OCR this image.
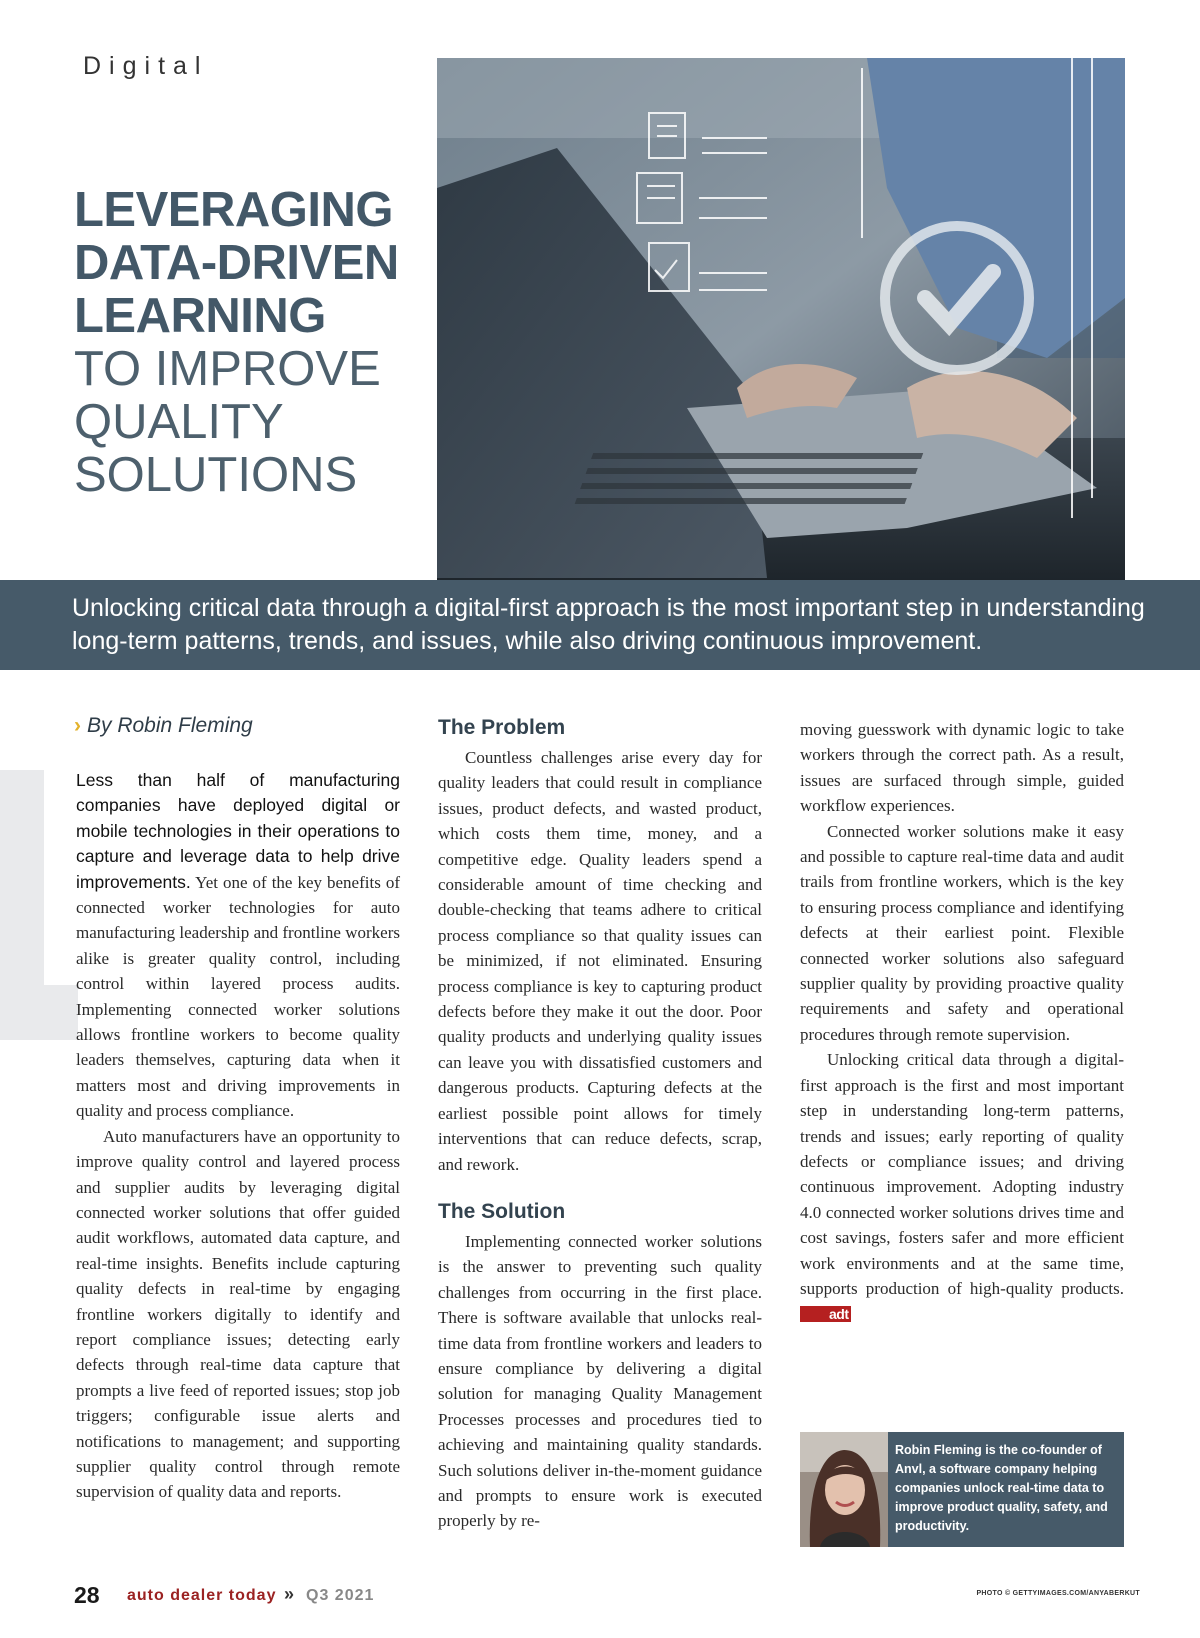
Digital
LEVERAGING
DATA-DRIVEN
LEARNING
TO IMPROVE
QUALITY
SOLUTIONS

Unlocking critical data through a digital-first approach is the most important step in understanding long-term patterns, trends, and issues, while also driving continuous improvement.

› By Robin Fleming

Less than half of manufacturing companies have deployed digital or mobile technologies in their operations to capture and leverage data to help drive improvements. Yet one of the key benefits of connected worker technologies for auto manufacturing leadership and frontline workers alike is greater quality control, including control within layered process audits. Implementing connected worker solutions allows frontline workers to become quality leaders themselves, capturing data when it matters most and driving improvements in quality and process compliance.

Auto manufacturers have an opportunity to improve quality control and layered process and supplier audits by leveraging digital connected worker solutions that offer guided audit workflows, automated data capture, and real-time insights. Benefits include capturing quality defects in real-time by engaging frontline workers digitally to identify and report compliance issues; detecting early defects through real-time data capture that prompts a live feed of reported issues; stop job triggers; configurable issue alerts and notifications to management; and supporting supplier quality control through remote supervision of quality data and reports.

The Problem

Countless challenges arise every day for quality leaders that could result in compliance issues, product defects, and wasted product, which costs them time, money, and a competitive edge. Quality leaders spend a considerable amount of time checking and double-checking that teams adhere to critical process compliance so that quality issues can be minimized, if not eliminated. Ensuring process compliance is key to capturing product defects before they make it out the door. Poor quality products and underlying quality issues can leave you with dissatisfied customers and dangerous products. Capturing defects at the earliest possible point allows for timely interventions that can reduce defects, scrap, and rework.

The Solution

Implementing connected worker solutions is the answer to preventing such quality challenges from occurring in the first place. There is software available that unlocks real-time data from frontline workers and leaders to ensure compliance by delivering a digital solution for managing Quality Management Processes processes and procedures tied to achieving and maintaining quality standards. Such solutions deliver in-the-moment guidance and prompts to ensure work is executed properly by re-

moving guesswork with dynamic logic to take workers through the correct path. As a result, issues are surfaced through simple, guided workflow experiences.

Connected worker solutions make it easy and possible to capture real-time data and audit trails from frontline workers, which is the key to ensuring process compliance and identifying defects at their earliest point. Flexible connected worker solutions also safeguard supplier quality by providing proactive quality requirements and safety and operational procedures through remote supervision.

Unlocking critical data through a digital-first approach is the first and most important step in understanding long-term patterns, trends and issues; early reporting of quality defects or compliance issues; and driving continuous improvement. Adopting industry 4.0 connected worker solutions drives time and cost savings, fosters safer and more efficient work environments and at the same time, supports production of high-quality products. adt

Robin Fleming is the co-founder of Anvl, a software company helping companies unlock real-time data to improve product quality, safety, and productivity.

28 auto dealer today » Q3 2021	PHOTO © GETTYIMAGES.COM/ANYABERKUT
